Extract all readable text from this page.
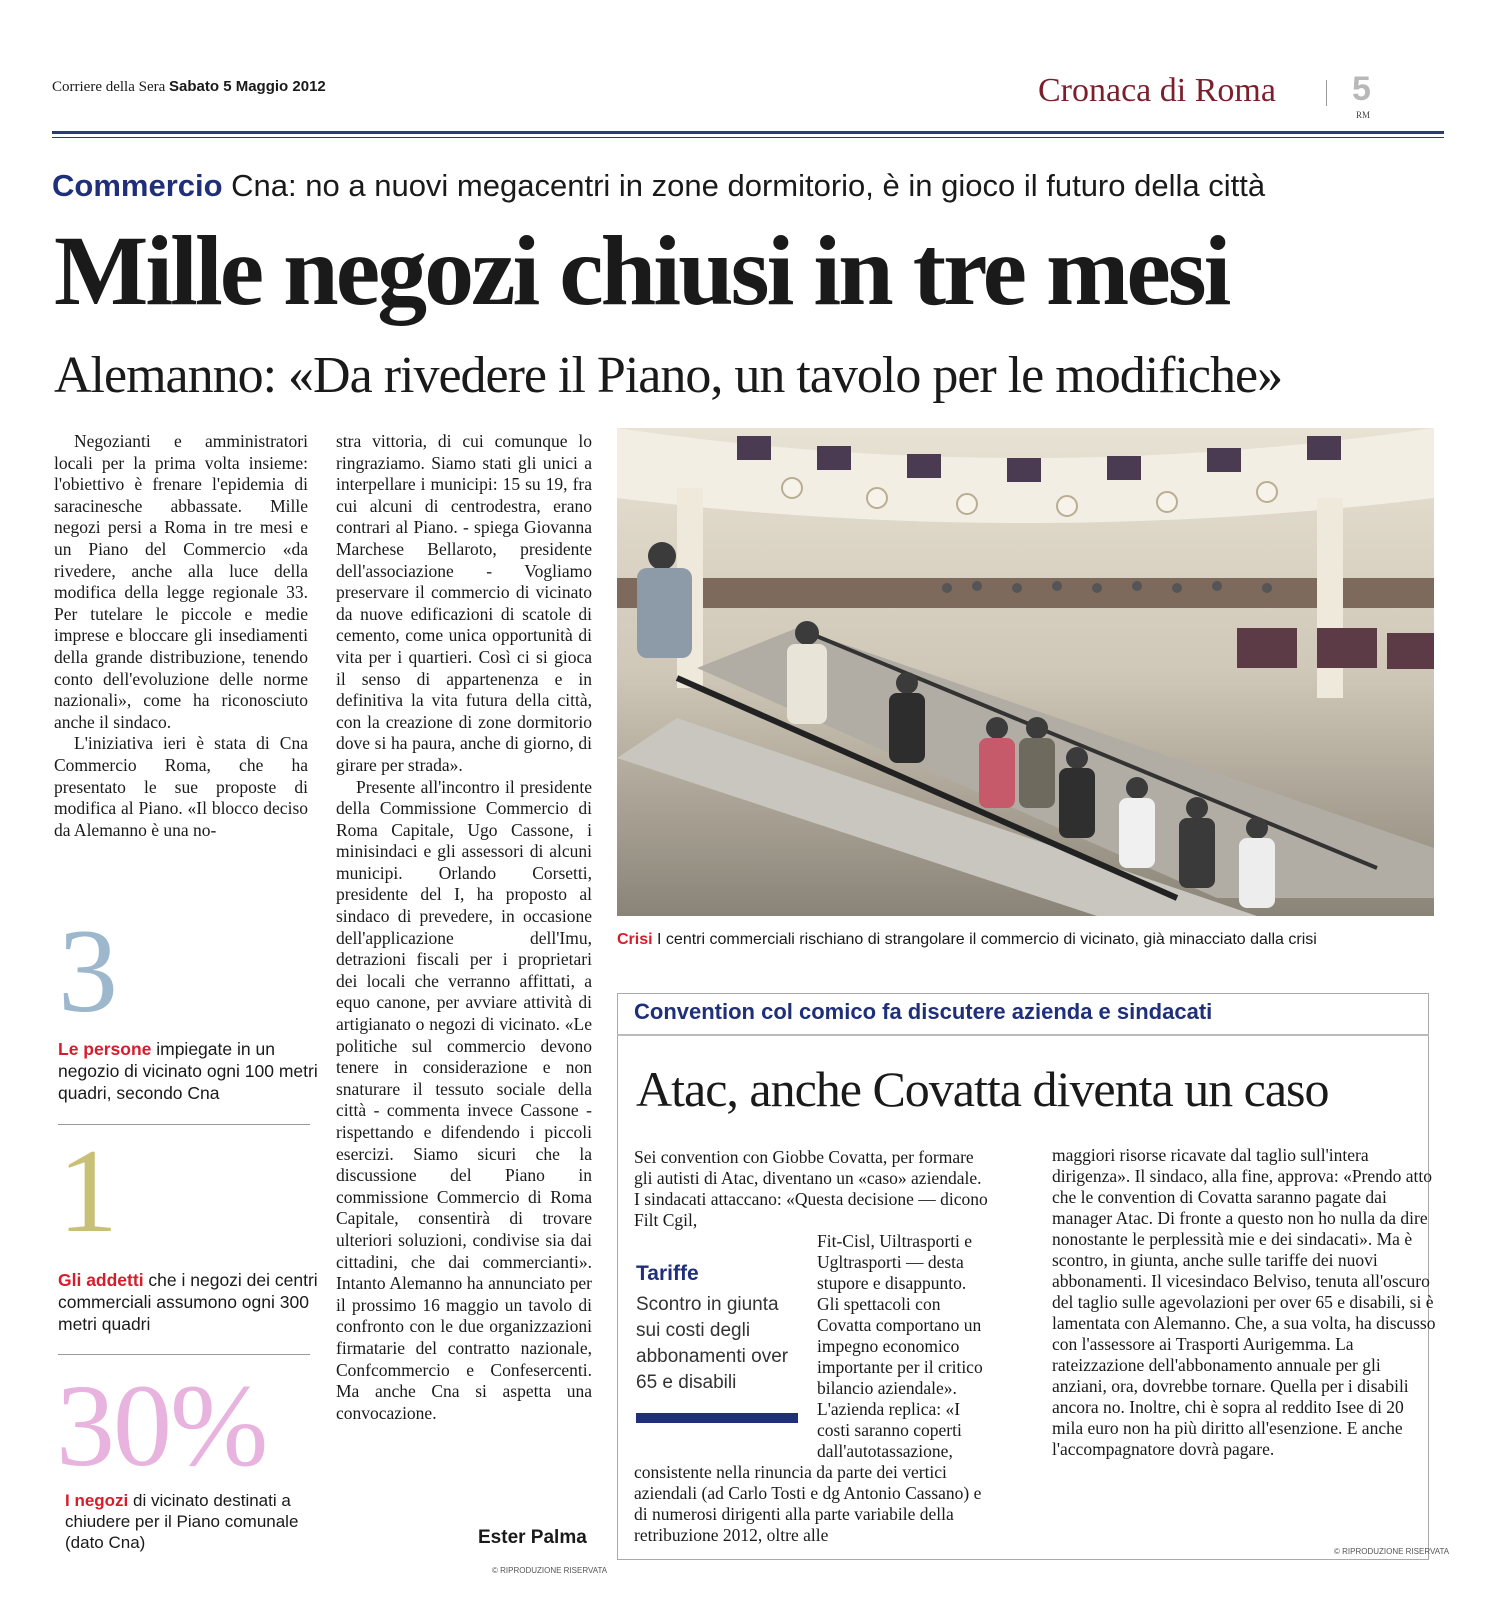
Corriere della Sera Sabato 5 Maggio 2012	Cronaca di Roma 5
RM
Commercio Cna: no a nuovi megacentri in zone dormitorio, è in gioco il futuro della città
Mille negozi chiusi in tre mesi
Alemanno: «Da rivedere il Piano, un tavolo per le modifiche»

Negozianti e amministratori locali per la prima volta insieme: l'obiettivo è frenare l'epidemia di saracinesche abbassate. Mille negozi persi a Roma in tre mesi e un Piano del Commercio «da rivedere, anche alla luce della modifica della legge regionale 33. Per tutelare le piccole e medie imprese e bloccare gli insediamenti della grande distribuzione, tenendo conto dell'evoluzione delle norme nazionali», come ha riconosciuto anche il sindaco.

L'iniziativa ieri è stata di Cna Commercio Roma, che ha presentato le sue proposte di modifica al Piano. «Il blocco deciso da Alemanno è una no-

stra vittoria, di cui comunque lo ringraziamo. Siamo stati gli unici a interpellare i municipi: 15 su 19, fra cui alcuni di centrodestra, erano contrari al Piano. - spiega Giovanna Marchese Bellaroto, presidente dell'associazione - Vogliamo preservare il commercio di vicinato da nuove edificazioni di scatole di cemento, come unica opportunità di vita per i quartieri. Così ci si gioca il senso di appartenenza e in definitiva la vita futura della città, con la creazione di zone dormitorio dove si ha paura, anche di giorno, di girare per strada».

Presente all'incontro il presidente della Commissione Commercio di Roma Capitale, Ugo Cassone, i minisindaci e gli assessori di alcuni municipi. Orlando Corsetti, presidente del I, ha proposto al sindaco di prevedere, in occasione dell'applicazione dell'Imu, detrazioni fiscali per i proprietari dei locali che verranno affittati, a equo canone, per avviare attività di artigianato o negozi di vicinato. «Le politiche sul commercio devono tenere in considerazione e non snaturare il tessuto sociale della città - commenta invece Cassone - rispettando e difendendo i piccoli esercizi. Siamo sicuri che la discussione del Piano in commissione Commercio di Roma Capitale, consentirà di trovare ulteriori soluzioni, condivise sia dai cittadini, che dai commercianti». Intanto Alemanno ha annunciato per il prossimo 16 maggio un tavolo di confronto con le due organizzazioni firmatarie del contratto nazionale, Confcommercio e Confesercenti. Ma anche Cna si aspetta una convocazione.

Ester Palma
© RIPRODUZIONE RISERVATA
3
Le persone impiegate in un negozio di vicinato ogni 100 metri quadri, secondo Cna
1
Gli addetti che i negozi dei centri commerciali assumono ogni 300 metri quadri
30%
I negozi di vicinato destinati a chiudere per il Piano comunale (dato Cna)
Crisi I centri commerciali rischiano di strangolare il commercio di vicinato, già minacciato dalla crisi
Convention col comico fa discutere azienda e sindacati
Atac, anche Covatta diventa un caso
Sei convention con Giobbe Covatta, per formare gli autisti di Atac, diventano un «caso» aziendale. I sindacati attaccano: «Questa decisione — dicono Filt Cgil,
Fit-Cisl, Uiltrasporti e Ugltrasporti — desta stupore e disappunto. Gli spettacoli con Covatta comportano un impegno economico importante per il critico bilancio aziendale». L'azienda replica: «I costi saranno coperti dall'autotassazione,
consistente nella rinuncia da parte dei vertici aziendali (ad Carlo Tosti e dg Antonio Cassano) e di numerosi dirigenti alla parte variabile della retribuzione 2012, oltre alle
Tariffe
Scontro in giunta sui costi degli abbonamenti over 65 e disabili
maggiori risorse ricavate dal taglio sull'intera dirigenza». Il sindaco, alla fine, approva: «Prendo atto che le convention di Covatta saranno pagate dai manager Atac. Di fronte a questo non ho nulla da dire nonostante le perplessità mie e dei sindacati». Ma è scontro, in giunta, anche sulle tariffe dei nuovi abbonamenti. Il vicesindaco Belviso, tenuta all'oscuro del taglio sulle agevolazioni per over 65 e disabili, si è lamentata con Alemanno. Che, a sua volta, ha discusso con l'assessore ai Trasporti Aurigemma. La rateizzazione dell'abbonamento annuale per gli anziani, ora, dovrebbe tornare. Quella per i disabili ancora no. Inoltre, chi è sopra al reddito Isee di 20 mila euro non ha più diritto all'esenzione. E anche l'accompagnatore dovrà pagare.
© RIPRODUZIONE RISERVATA
